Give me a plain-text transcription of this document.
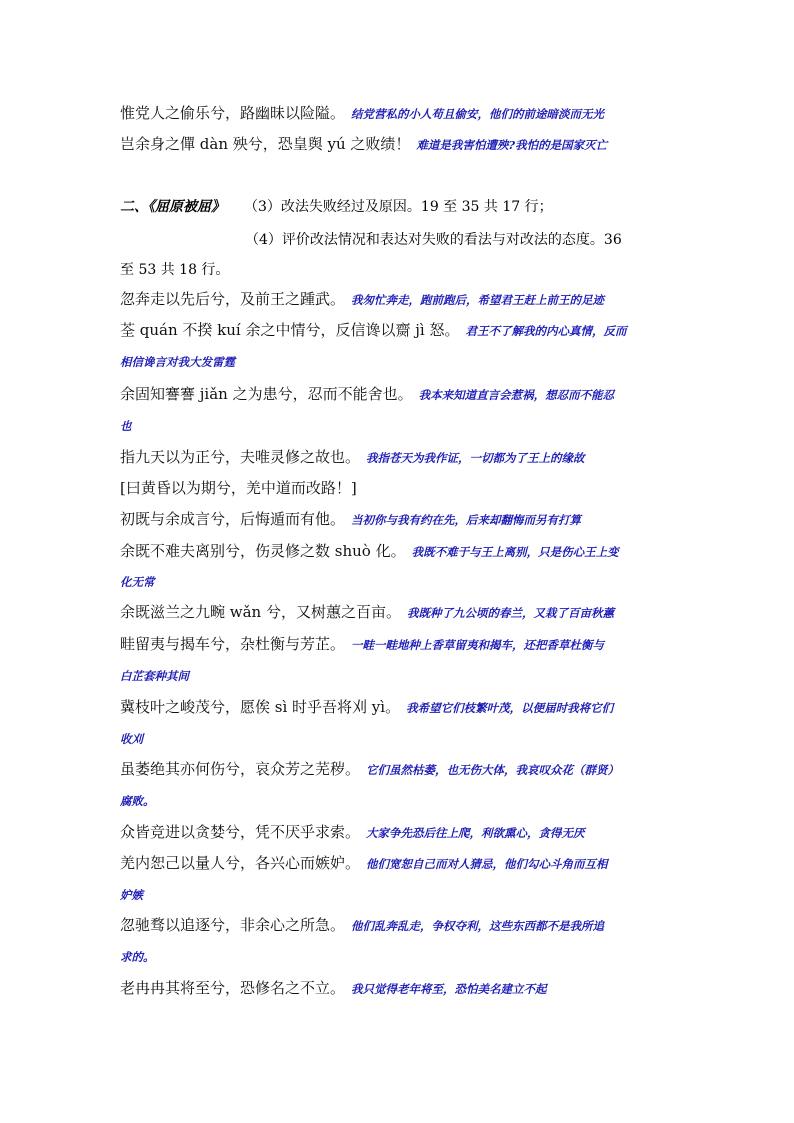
惟党人之偷乐兮，路幽昧以险隘。 结党营私的小人苟且偷安，他们的前途暗淡而无光
岂余身之僤 dàn 殃兮，恐皇舆 yú 之败绩！ 难道是我害怕遭殃?我怕的是国家灭亡
二、《屈原被屈》 （3）改法失败经过及原因。19 至 35 共 17 行；
（4）评价改法情况和表达对失败的看法与对改法的态度。36
至 53 共 18 行。
忽奔走以先后兮，及前王之踵武。 我匆忙奔走，跑前跑后，希望君王赶上前王的足迹
荃 quán 不揆 kuí 余之中情兮，反信谗以齌 jì 怒。 君王不了解我的内心真情，反而
相信谗言对我大发雷霆
余固知謇謇 jiǎn 之为患兮，忍而不能舍也。 我本来知道直言会惹祸，想忍而不能忍
也
指九天以为正兮，夫唯灵修之故也。 我指苍天为我作证，一切都为了王上的缘故
[曰黄昏以为期兮，羌中道而改路！]
初既与余成言兮，后悔遁而有他。 当初你与我有约在先，后来却翻悔而另有打算
余既不难夫离别兮，伤灵修之数 shuò 化。 我既不难于与王上离别，只是伤心王上变
化无常
余既滋兰之九畹 wǎn 兮，又树蕙之百亩。 我既种了九公顷的春兰，又栽了百亩秋蕙
畦留夷与揭车兮，杂杜衡与芳芷。 一畦一畦地种上香草留夷和揭车，还把香草杜衡与
白芷套种其间
冀枝叶之峻茂兮，愿俟 sì 时乎吾将刈 yì。 我希望它们枝繁叶茂，以便届时我将它们
收刈
虽萎绝其亦何伤兮，哀众芳之芜秽。 它们虽然枯萎，也无伤大体，我哀叹众花（群贤）
腐败。
众皆竞进以贪婪兮，凭不厌乎求索。 大家争先恐后往上爬，利欲熏心，贪得无厌
羌内恕己以量人兮，各兴心而嫉妒。 他们宽恕自己而对人猜忌，他们勾心斗角而互相
妒嫉
忽驰骛以追逐兮，非余心之所急。 他们乱奔乱走，争权夺利，这些东西都不是我所追
求的。
老冉冉其将至兮，恐修名之不立。 我只觉得老年将至，恐怕美名建立不起
